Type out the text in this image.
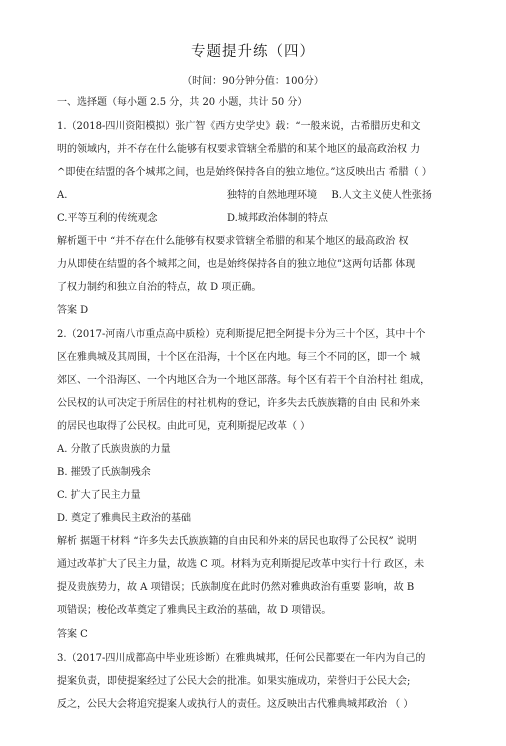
专题提升练（四）
（时间：90分钟分值：100分）
一、选择题（每小题 2.5 分，共 20 小题，共计 50 分）
1.（2018-四川资阳模拟）张广智《西方史学史》载：“一般来说，古希腊历史和文
明的领域内，并不存在什么能够有权要求管辖全希腊的和某个地区的最高政治权 力
^即使在结盟的各个城邦之间，也是始终保持各自的独立地位。”这反映出古 希腊（ ）
A.	独特的自然地理环境 B.人文主义使人性张扬
C.平等互利的传统观念	D.城邦政治体制的特点
解析题干中 “并不存在什么能够有权要求管辖全希腊的和某个地区的最高政治 权
力从即使在结盟的各个城邦之间，也是始终保持各自的独立地位”这两句话都 体现
了权力制约和独立自治的特点，故 D 项正确。
答案 D
2.（2017-河南八市重点高中质检）克利斯提尼把全阿提卡分为三十个区，其中十个
区在雅典城及其周围，十个区在沿海，十个区在内地。每三个不同的区，即一个 城
郊区、一个沿海区、一个内地区合为一个地区部落。每个区有若干个自治村社 组成，
公民权的认可决定于所居住的村社机构的登记，许多失去氏族族籍的自由 民和外来
的居民也取得了公民权。由此可见，克利斯提尼改革（ ）
A. 分散了氏族贵族的力量
B. 摧毁了氏族制残余
C. 扩大了民主力量
D. 奠定了雅典民主政治的基础
解析 据题干材料 “许多失去氏族族籍的自由民和外来的居民也取得了公民权” 说明
通过改革扩大了民主力量，故选 C 项。材料为克利斯提尼改革中实行十行 政区，未
提及贵族势力，故 A 项错误；氏族制度在此时仍然对雅典政治有重要 影响，故 B
项错误；梭伦改革奠定了雅典民主政治的基础，故 D 项错误。
答案 C
3.（2017-四川成都高中毕业班诊断）在雅典城邦，任何公民都要在一年内为自己的
提案负责，即使提案经过了公民大会的批准。如果实施成功，荣誉归于公民大会;
反之，公民大会将追究提案人或执行人的责任。这反映出古代雅典城邦政治 （ ）
